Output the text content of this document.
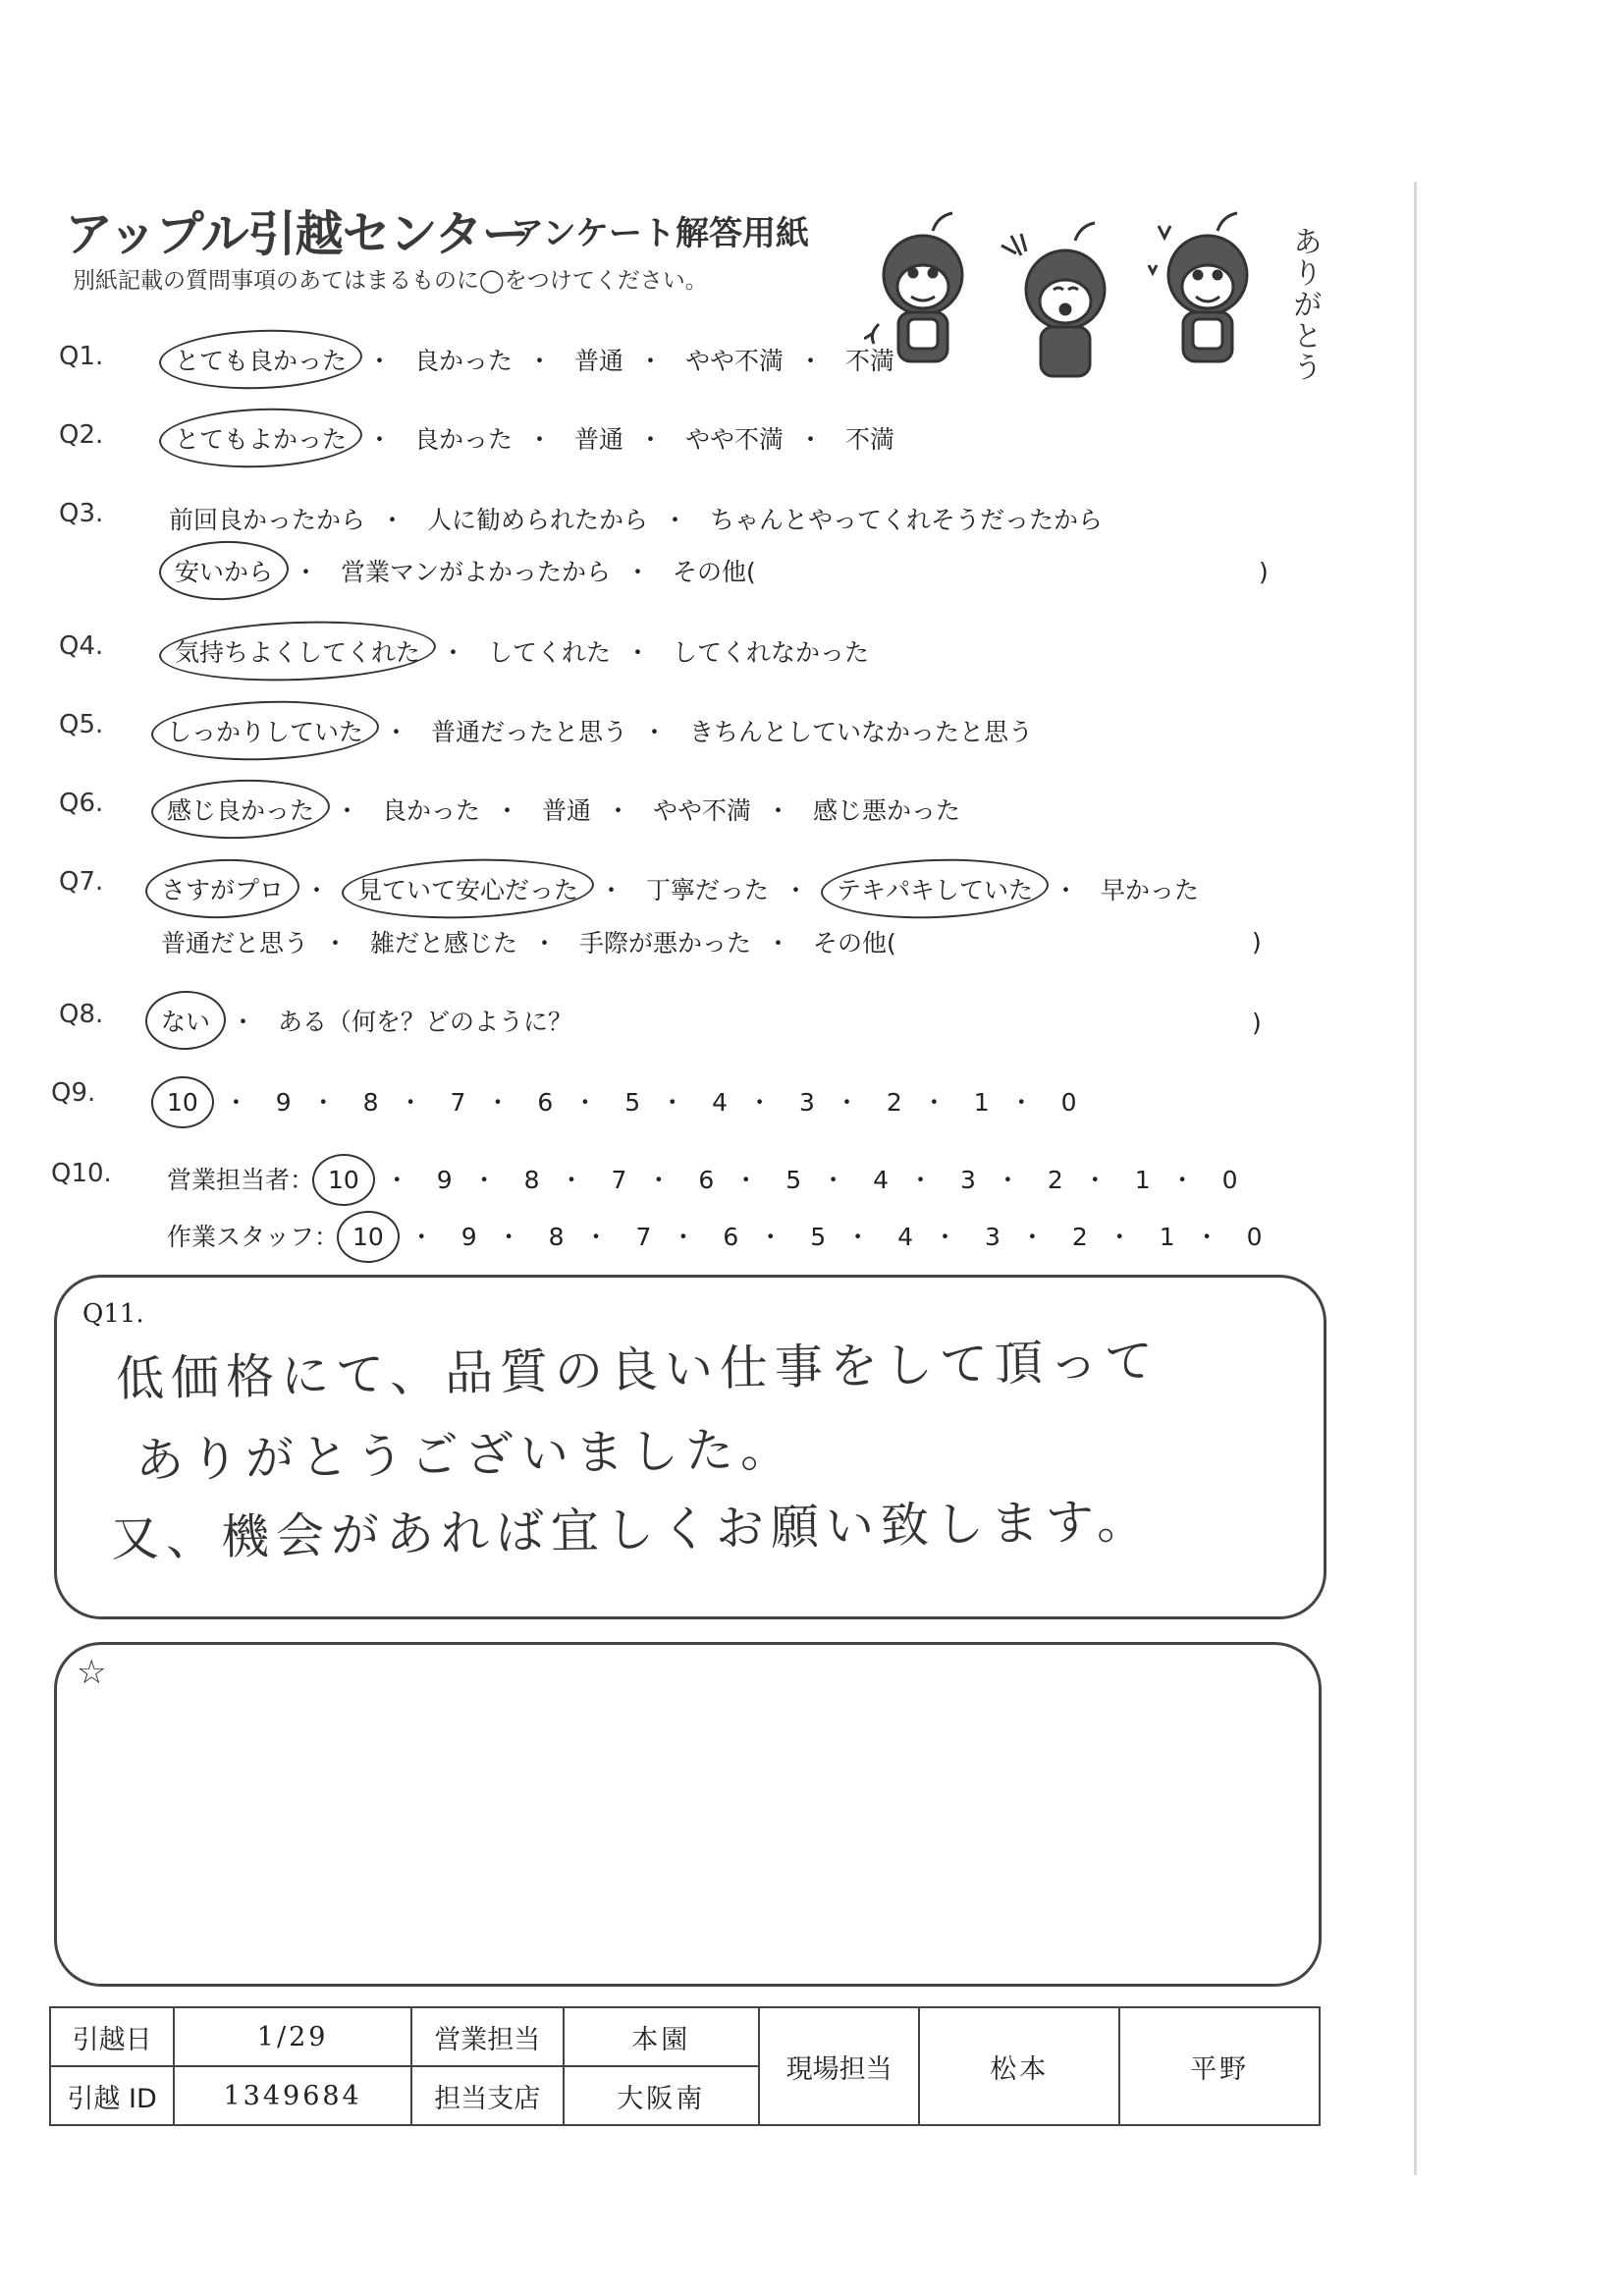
アップル引越センター
アンケート解答用紙
別紙記載の質問事項のあてはまるものに◯をつけてください。	ありがとう
Q1.	とても良かった ・ 良かった ・ 普通 ・ やや不満 ・ 不満
Q2.	とてもよかった ・ 良かった ・ 普通 ・ やや不満 ・ 不満
Q3.	前回良かったから ・ 人に勧められたから ・ ちゃんとやってくれそうだったから
安いから ・ 営業マンがよかったから ・ その他(	)
Q4.	気持ちよくしてくれた ・ してくれた ・ してくれなかった
Q5.	しっかりしていた ・ 普通だったと思う ・ きちんとしていなかったと思う
Q6.	感じ良かった ・ 良かった ・ 普通 ・ やや不満 ・ 感じ悪かった
Q7. さすがプロ ・ 見ていて安心だった ・ 丁寧だった ・ テキパキしていた ・ 早かった
普通だと思う ・ 雑だと感じた ・ 手際が悪かった ・ その他(	)
Q8. ない ・ ある（何を？どのように？	)
Q9.	10 ・ 9 ・ 8 ・ 7 ・ 6 ・ 5 ・ 4 ・ 3 ・ 2 ・ 1 ・ 0
Q10. 営業担当者： 10 ・ 9 ・ 8 ・ 7 ・ 6 ・ 5 ・ 4 ・ 3 ・ 2 ・ 1 ・ 0
作業スタッフ： 10 ・ 9 ・ 8 ・ 7 ・ 6 ・ 5 ・ 4 ・ 3 ・ 2 ・ 1 ・ 0
Q11.
低価格にて、品質の良い仕事をして頂って
ありがとうございました。
又、機会があれば宜しくお願い致します。
☆
引越日	1/29	営業担当	本園	現場担当	松本	平野
引越 ID	1349684	担当支店	大阪南			
